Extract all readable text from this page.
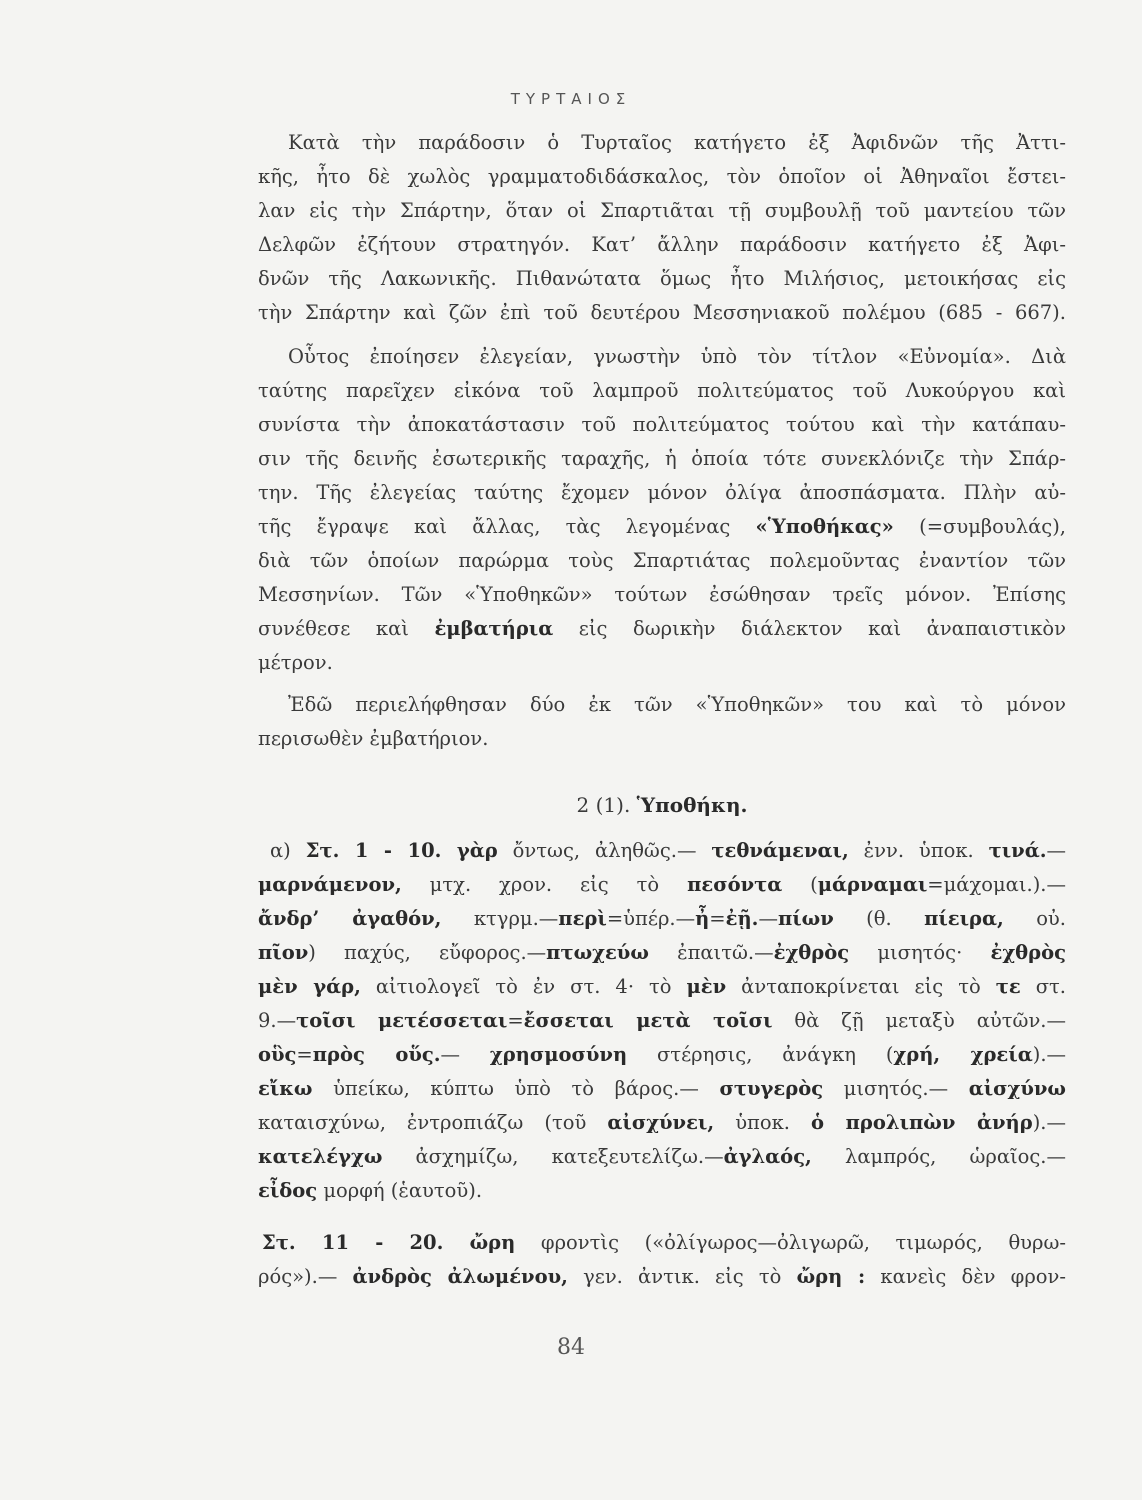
ΤΥΡΤΑΙΟΣ
Κατὰ τὴν παράδοσιν ὁ Τυρταῖος κατήγετο ἐξ Ἀφιδνῶν τῆς Ἀττι-
κῆς, ἦτο δὲ χωλὸς γραμματοδιδάσκαλος, τὸν ὁποῖον οἱ Ἀθηναῖοι ἔστει-
λαν εἰς τὴν Σπάρτην, ὅταν οἱ Σπαρτιᾶται τῇ συμβουλῇ τοῦ μαντείου τῶν
Δελφῶν ἐζήτουν στρατηγόν. Κατ’ ἄλλην παράδοσιν κατήγετο ἐξ Ἀφι-
δνῶν τῆς Λακωνικῆς. Πιθανώτατα ὅμως ἦτο Μιλήσιος, μετοικήσας εἰς
τὴν Σπάρτην καὶ ζῶν ἐπὶ τοῦ δευτέρου Μεσσηνιακοῦ πολέμου (685 - 667).
Οὗτος ἐποίησεν ἐλεγείαν, γνωστὴν ὑπὸ τὸν τίτλον «Εὐνομία». Διὰ
ταύτης παρεῖχεν εἰκόνα τοῦ λαμπροῦ πολιτεύματος τοῦ Λυκούργου καὶ
συνίστα τὴν ἀποκατάστασιν τοῦ πολιτεύματος τούτου καὶ τὴν κατάπαυ-
σιν τῆς δεινῆς ἐσωτερικῆς ταραχῆς, ἡ ὁποία τότε συνεκλόνιζε τὴν Σπάρ-
την. Τῆς ἐλεγείας ταύτης ἔχομεν μόνον ὀλίγα ἀποσπάσματα. Πλὴν αὐ-
τῆς ἔγραψε καὶ ἄλλας, τὰς λεγομένας «Ὑποθήκας» (=συμβουλάς),
διὰ τῶν ὁποίων παρώρμα τοὺς Σπαρτιάτας πολεμοῦντας ἐναντίον τῶν
Μεσσηνίων. Τῶν «Ὑποθηκῶν» τούτων ἐσώθησαν τρεῖς μόνον. Ἐπίσης
συνέθεσε καὶ ἐμβατήρια εἰς δωρικὴν διάλεκτον καὶ ἀναπαιστικὸν
μέτρον.
Ἐδῶ περιελήφθησαν δύο ἐκ τῶν «Ὑποθηκῶν» του καὶ τὸ μόνον
περισωθὲν ἐμβατήριον.
2 (1). Ὑποθήκη.
α) Στ. 1 - 10. γὰρ ὄντως, ἀληθῶς.— τεθνάμεναι, ἐνν. ὑποκ. τινά.—
μαρνάμενον, μτχ. χρον. εἰς τὸ πεσόντα (μάρναμαι=μάχομαι.).—
ἄνδρ’ ἀγαθόν, κτγρμ.—περὶ=ὑπέρ.—ἦ=ἐῇ.—πίων (θ. πίειρα, οὐ.
πῖον) παχύς, εὔφορος.—πτωχεύω ἐπαιτῶ.—ἐχθρὸς μισητός· ἐχθρὸς
μὲν γάρ, αἰτιολογεῖ τὸ ἐν στ. 4· τὸ μὲν ἀνταποκρίνεται εἰς τὸ τε στ.
9.—τοῖσι μετέσσεται=ἔσσεται μετὰ τοῖσι θὰ ζῇ μεταξὺ αὐτῶν.—
οὓς=πρὸς οὕς.— χρησμοσύνη στέρησις, ἀνάγκη (χρή, χρεία).—
εἴκω ὑπείκω, κύπτω ὑπὸ τὸ βάρος.— στυγερὸς μισητός.— αἰσχύνω
καταισχύνω, ἐντροπιάζω (τοῦ αἰσχύνει, ὑποκ. ὁ προλιπὼν ἀνήρ).—
κατελέγχω ἀσχημίζω, κατεξευτελίζω.—ἀγλαός, λαμπρός, ὡραῖος.—
εἶδος μορφή (ἑαυτοῦ).
Στ. 11 - 20. ὤρη φροντὶς («ὀλίγωρος—ὀλιγωρῶ, τιμωρός, θυρω-
ρός»).— ἀνδρὸς ἀλωμένου, γεν. ἀντικ. εἰς τὸ ὤρη : κανεὶς δὲν φρον-
84
